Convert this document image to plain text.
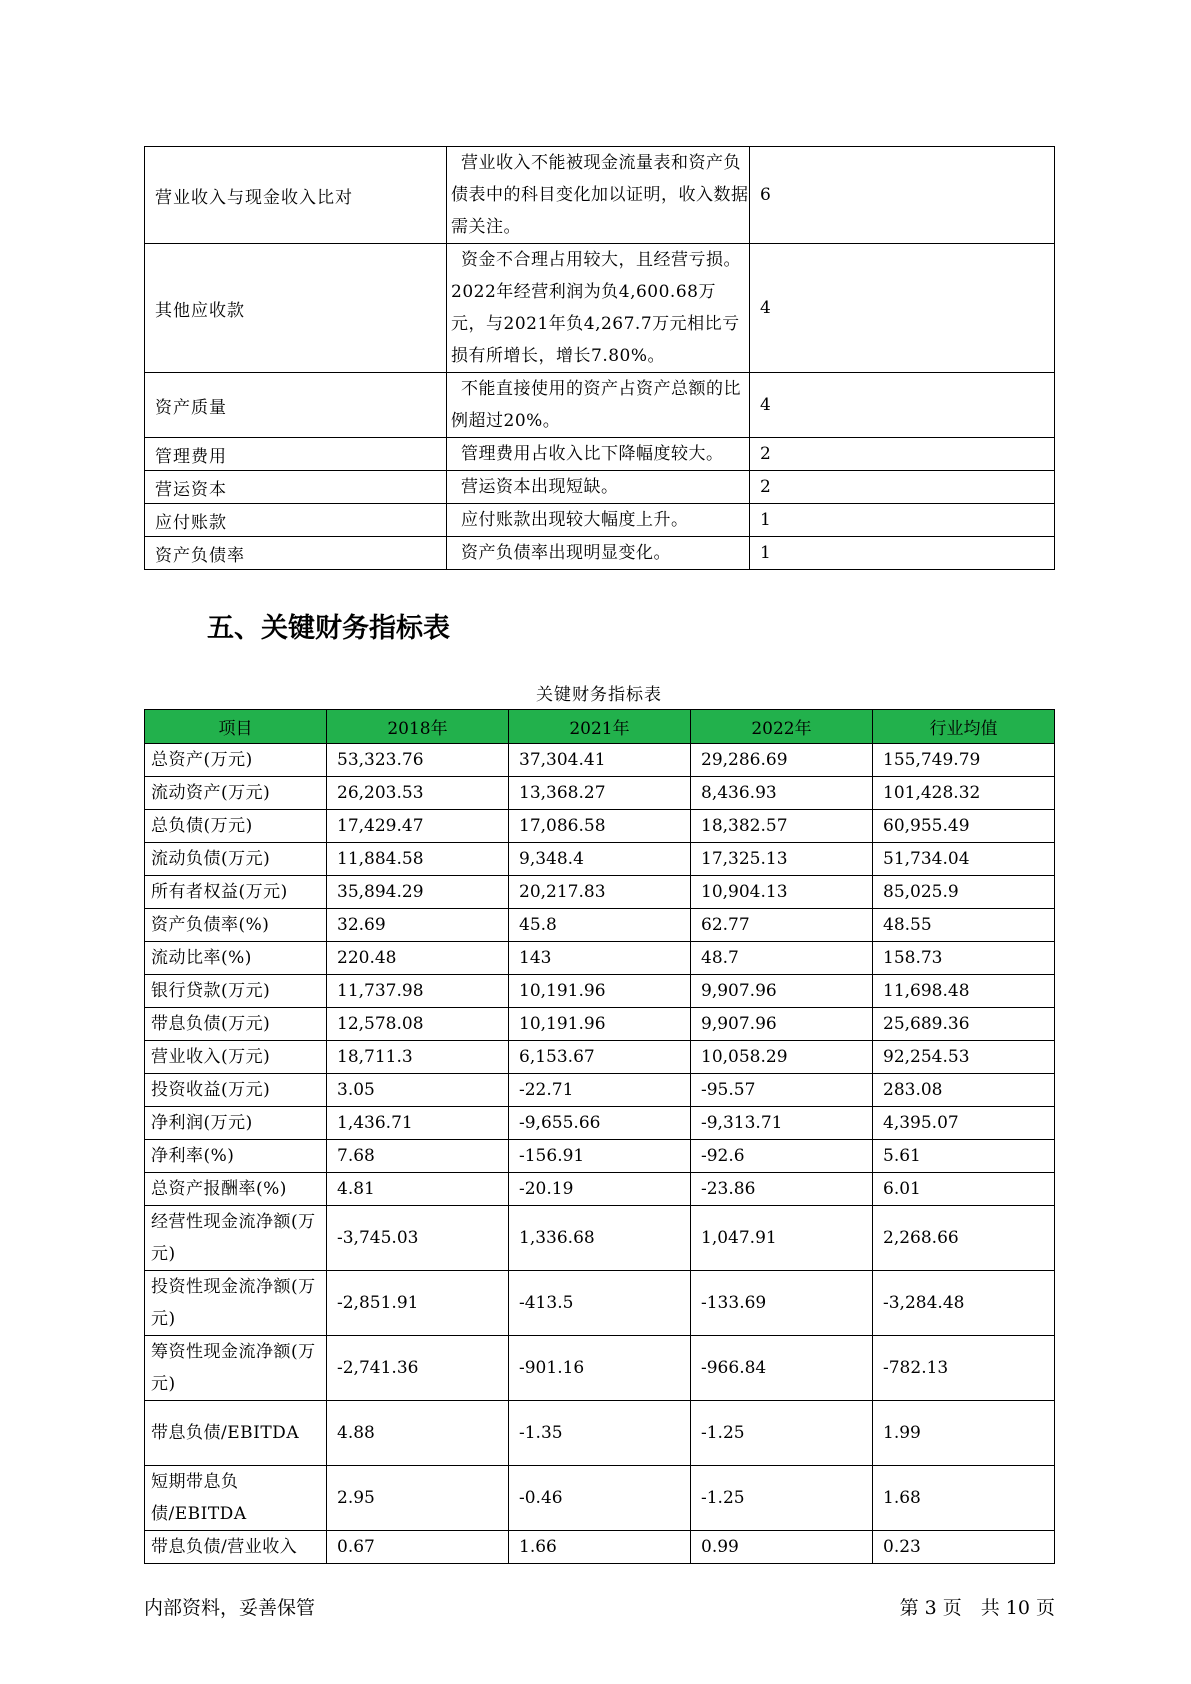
营业收入与现金收入比对	营业收入不能被现金流量表和资产负债表中的科目变化加以证明，收入数据需关注。	6
其他应收款	资金不合理占用较大，且经营亏损。2022年经营利润为负4,600.68万元，与2021年负4,267.7万元相比亏损有所增长，增长7.80%。	4
资产质量	不能直接使用的资产占资产总额的比例超过20%。	4
管理费用	管理费用占收入比下降幅度较大。	2
营运资本	营运资本出现短缺。	2
应付账款	应付账款出现较大幅度上升。	1
资产负债率	资产负债率出现明显变化。	1
五、关键财务指标表
关键财务指标表
项目	2018年	2021年	2022年	行业均值
总资产(万元)	53,323.76	37,304.41	29,286.69	155,749.79
流动资产(万元)	26,203.53	13,368.27	8,436.93	101,428.32
总负债(万元)	17,429.47	17,086.58	18,382.57	60,955.49
流动负债(万元)	11,884.58	9,348.4	17,325.13	51,734.04
所有者权益(万元)	35,894.29	20,217.83	10,904.13	85,025.9
资产负债率(%)	32.69	45.8	62.77	48.55
流动比率(%)	220.48	143	48.7	158.73
银行贷款(万元)	11,737.98	10,191.96	9,907.96	11,698.48
带息负债(万元)	12,578.08	10,191.96	9,907.96	25,689.36
营业收入(万元)	18,711.3	6,153.67	10,058.29	92,254.53
投资收益(万元)	3.05	-22.71	-95.57	283.08
净利润(万元)	1,436.71	-9,655.66	-9,313.71	4,395.07
净利率(%)	7.68	-156.91	-92.6	5.61
总资产报酬率(%)	4.81	-20.19	-23.86	6.01
经营性现金流净额(万元)	-3,745.03	1,336.68	1,047.91	2,268.66
投资性现金流净额(万元)	-2,851.91	-413.5	-133.69	-3,284.48
筹资性现金流净额(万元)	-2,741.36	-901.16	-966.84	-782.13
带息负债/EBITDA	4.88	-1.35	-1.25	1.99
短期带息负债/EBITDA	2.95	-0.46	-1.25	1.68
带息负债/营业收入	0.67	1.66	0.99	0.23
内部资料，妥善保管	第 3 页　共 10 页
